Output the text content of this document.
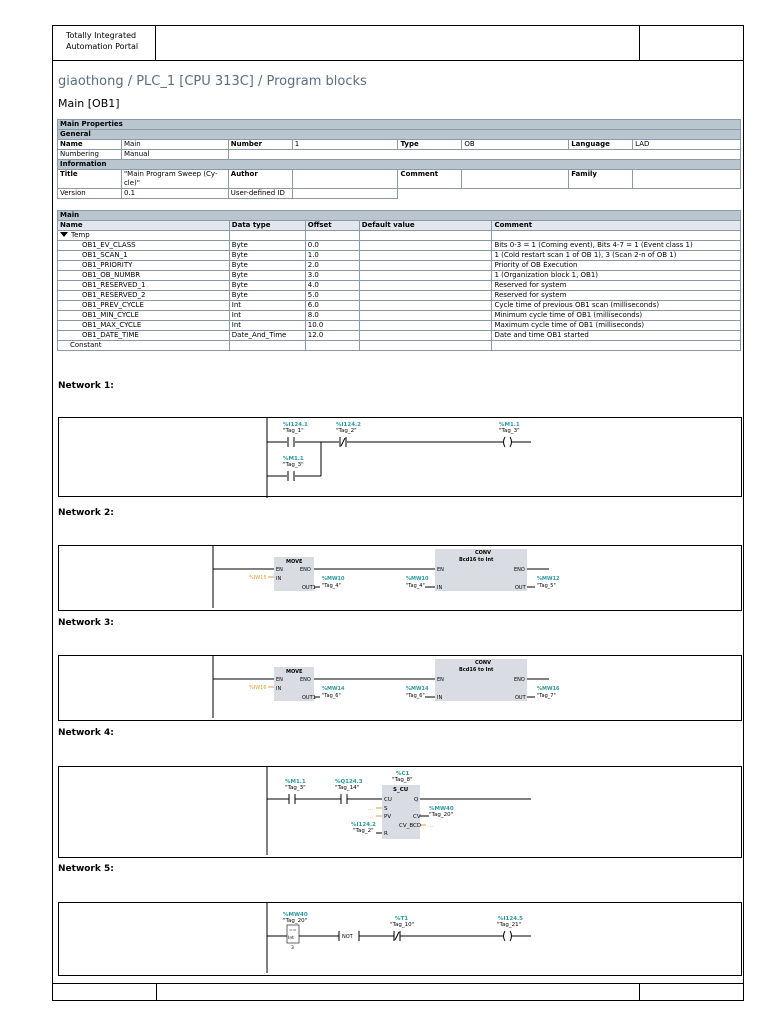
Totally Integrated
Automation Portal
giaothong / PLC_1 [CPU 313C] / Program blocks
Main [OB1]
Main Properties							
General							
Name	Main	Number	1	Type	OB	Language	LAD
Numbering	Manual						
Information							
Title	"Main Program Sweep (Cy-cle)"	Author		Comment		Family	
Version	0.1	User-defined ID					
Main				
Name	Data type	Offset	Default value	Comment
Temp				
OB1_EV_CLASS	Byte	0.0		Bits 0-3 = 1 (Coming event), Bits 4-7 = 1 (Event class 1)
OB1_SCAN_1	Byte	1.0		1 (Cold restart scan 1 of OB 1), 3 (Scan 2-n of OB 1)
OB1_PRIORITY	Byte	2.0		Priority of OB Execution
OB1_OB_NUMBR	Byte	3.0		1 (Organization block 1, OB1)
OB1_RESERVED_1	Byte	4.0		Reserved for system
OB1_RESERVED_2	Byte	5.0		Reserved for system
OB1_PREV_CYCLE	Int	6.0		Cycle time of previous OB1 scan (milliseconds)
OB1_MIN_CYCLE	Int	8.0		Minimum cycle time of OB1 (milliseconds)
OB1_MAX_CYCLE	Int	10.0		Maximum cycle time of OB1 (milliseconds)
OB1_DATE_TIME	Date_And_Time	12.0		Date and time OB1 started
Constant				
Network 1:
%I124.1
"Tag_1"
%I124.2
"Tag_2"
%M1.1
"Tag_3"
%M1.1
"Tag_3"
Network 2:
MOVE
EN	ENO
IN
OUT1
CONV
Bcd16 to Int
EN	ENO
IN	OUT
%IW15	%MW10
"Tag_4"
%MW10
"Tag_4"
%MW12
"Tag_5"
Network 3:
MOVE
EN	ENO
IN
OUT1
CONV
Bcd16 to Int
EN	ENO
IN	OUT
%IW16	%MW14
"Tag_6"
%MW14
"Tag_6"
%MW16
"Tag_7"
Network 4:
%M1.1
"Tag_3"
%Q124.3
"Tag_14"
%C1
"Tag_8"
S_CU
CU	Q
S
PV	CV
CV_BCD
R
...
...
...
%MW40
"Tag_20"
%I124.2
"Tag_2"
Network 5:
%MW40
"Tag_20"
==
Int
3
NOT
%T1
"Tag_10"
%I124.5
"Tag_21"
